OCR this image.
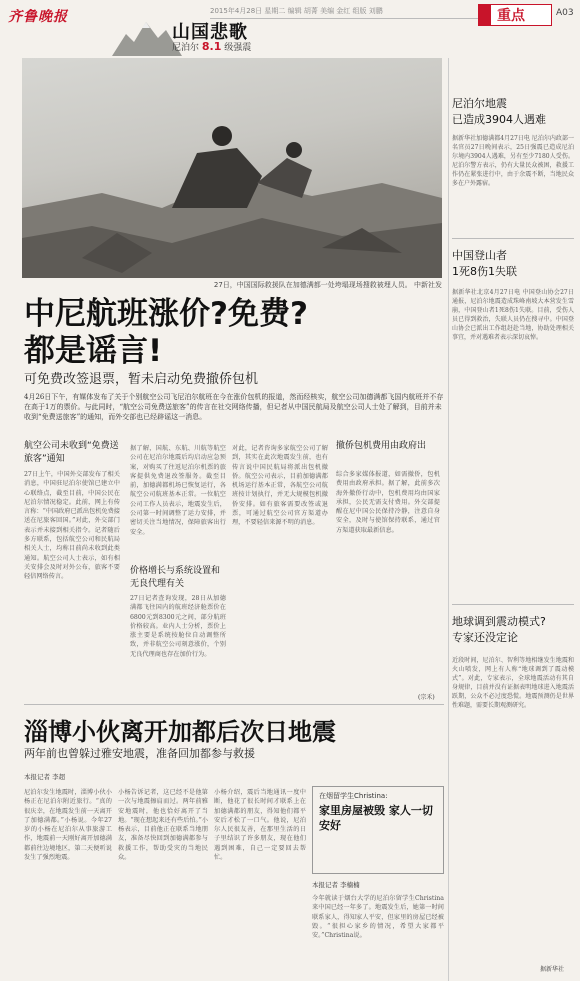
齐鲁晚报	2015年4月28日 星期二 编辑 胡菁 美编 金红 组版 刘鹏
山国悲歌
尼泊尔 8.1 级强震
重点	A03
27日，中国国际救援队在加德满都一处垮塌现场搜救被埋人员。 中新社发
中尼航班涨价?免费?
都是谣言!
可免费改签退票，暂未启动免费撤侨包机
4月26日下午，有媒体发布了关于个别航空公司飞尼泊尔航班在今在涨价包机的报道，然而经核实，航空公司加德满都飞国内航班并不存在高于1万的票价。与此同时，“航空公司免费送旅客”的传言在社交网络传播，但记者从中国民航局及航空公司人士处了解到，目前并未收到“免费送旅客”的通知，而外交部也已经辟谣这一消息。
航空公司未收到“免费送旅客”通知
27日上午，中国外交部发布了相关消息，中国驻尼泊尔使馆已建立中心联络点，截至目前，中国公民在尼泊尔情况稳定。此前，网上有传言称：“中国政府已派出包机免费接送在尼旅客回国。”对此，外交部门表示并未接到相关指令。记者随后多方联系，包括航空公司和民航局相关人士，均称目前尚未收到此类通知。航空公司人士表示，如有相关安排会及时对外公布，旅客不要轻信网络传言。
据了解，国航、东航、川航等航空公司在尼泊尔地震后均启动应急预案，对购买了往返尼泊尔机票的旅客提供免费退改签服务。截至目前，加德满都机场已恢复运行，各航空公司航班基本正常。一位航空公司工作人员表示，地震发生后，公司第一时间调整了运力安排，并密切关注当地情况，保障旅客出行安全。
价格增长与系统设置和无良代理有关
27日记者查询发现，28日从加德满都飞往国内的航班经济舱票价在6800元到8300元之间，部分航班价格较高。业内人士分析，票价上涨主要是系统按舱位自动调整所致，并非航空公司刻意涨价，个别无良代理商也存在加价行为。
对此，记者咨询多家航空公司了解到，其实在此次地震发生前，也有传言说中国民航局将派出包机撤侨。航空公司表示，目前加德满都机场运行基本正常，各航空公司航班按计划执行，并无大规模包机撤侨安排。如有旅客需要改签或退票，可通过航空公司官方渠道办理，不要轻信来源不明的消息。
撤侨包机费用由政府出
综合多家媒体报道，如需撤侨，包机费用由政府承担。据了解，此前多次海外撤侨行动中，包机费用均由国家承担，公民无需支付费用。外交部提醒在尼中国公民保持冷静，注意自身安全，及时与使馆保持联系，通过官方渠道获取最新信息。
(宗禾)
淄博小伙离开加都后次日地震
两年前也曾躲过雅安地震，准备回加都参与救援
本报记者 李超
尼泊尔发生地震时，淄博小伙小杨正在尼泊尔附近旅行。“真的很庆幸，在地震发生前一天离开了加德满都。”小杨说。今年27岁的小杨在尼泊尔从事旅游工作，地震前一天刚好离开加德满都前往边境地区，第二天便听说发生了强烈地震。
小杨告诉记者，这已经不是他第一次与地震擦肩而过。两年前雅安地震时，他也恰好离开了当地。“现在想起来还有些后怕。”小杨表示，目前他正在联系当地朋友，准备尽快回到加德满都参与救援工作，帮助受灾的当地民众。
小杨介绍，震后当地通讯一度中断，他花了很长时间才联系上在加德满都的朋友，得知他们都平安后才松了一口气。他说，尼泊尔人民很友善，在那里生活的日子里结识了许多朋友，现在他们遇到困难，自己一定要回去帮忙。
在烟留学生Christina:
家里房屋被毁 家人一切安好
本报记者 李楠楠
今年就读于烟台大学的尼泊尔留学生Christina来中国已经一年多了。地震发生后，她第一时间联系家人，得知家人平安，但家里的房屋已经被毁。“很担心家乡的情况，希望大家都平安。”Christina说。
尼泊尔地震
已造成3904人遇难
据新华社加德满都4月27日电 尼泊尔内政部一名官员27日晚间表示，25日强震已造成尼泊尔境内3904人遇难，另有至少7180人受伤。尼泊尔警方表示，仍有大量民众被困，救援工作仍在紧张进行中，由于余震不断，当地民众多在户外露宿。
中国登山者
1死8伤1失联
据新华社北京4月27日电 中国登山协会27日通报，尼泊尔地震造成珠峰南坡大本营发生雪崩，中国登山者1死8伤1失联。目前，受伤人员已得到救治，失联人员仍在搜寻中。中国登山协会已派出工作组赶赴当地，协助处理相关事宜，并对遇难者表示深切哀悼。
地球调到震动模式?
专家还没定论
近段时间，尼泊尔、智利等地相继发生地震和火山喷发，网上有人称“地球调到了震动模式”。对此，专家表示，全球地震活动有其自身规律，目前并没有证据表明地球进入地震活跃期，公众不必过度恐慌。地震预测仍是世界性难题，需要长期观测研究。
据新华社
